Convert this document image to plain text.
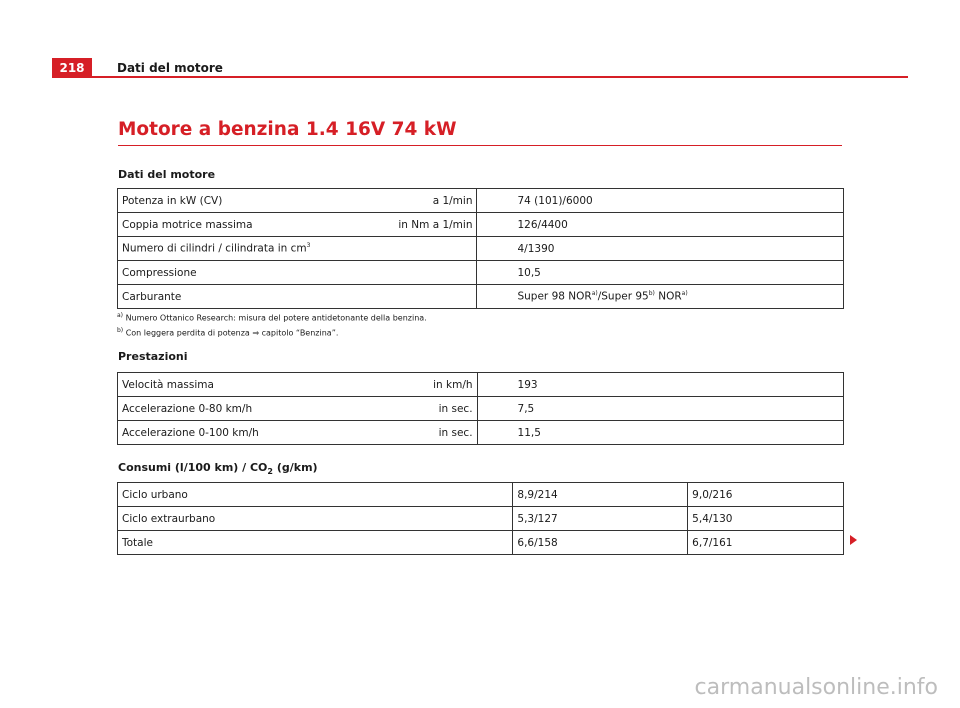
218	Dati del motore
Motore a benzina 1.4 16V 74 kW
Dati del motore
Potenza in kW (CV) a 1/min	74 (101)/6000

Coppia motrice massima in Nm a 1/min	126/4400
Numero di cilindri / cilindrata in $cm^3$	4/1390
Compressione	10,5
Carburante	Super 98 NOR$^{a)}$/Super 95$^{b)}$ NOR$^{a)}$
$^{a)}$ Numero Ottanico Research: misura del potere antidetonante della benzina.
$^{b)}$ Con leggera perdita di potenza ⇒ capitolo “Benzina”.
Prestazioni
Velocità massima in km/h	193

Accelerazione 0-80 km/h in sec.	7,5

Accelerazione 0-100 km/h in sec.	11,5
Consumi (l/100 $km) / CO_2$ (g/km)
Ciclo urbano	8,9/214	9,0/216
Ciclo extraurbano	5,3/127	5,4/130
Totale	6,6/158	6,7/161
carmanualsonline.info
